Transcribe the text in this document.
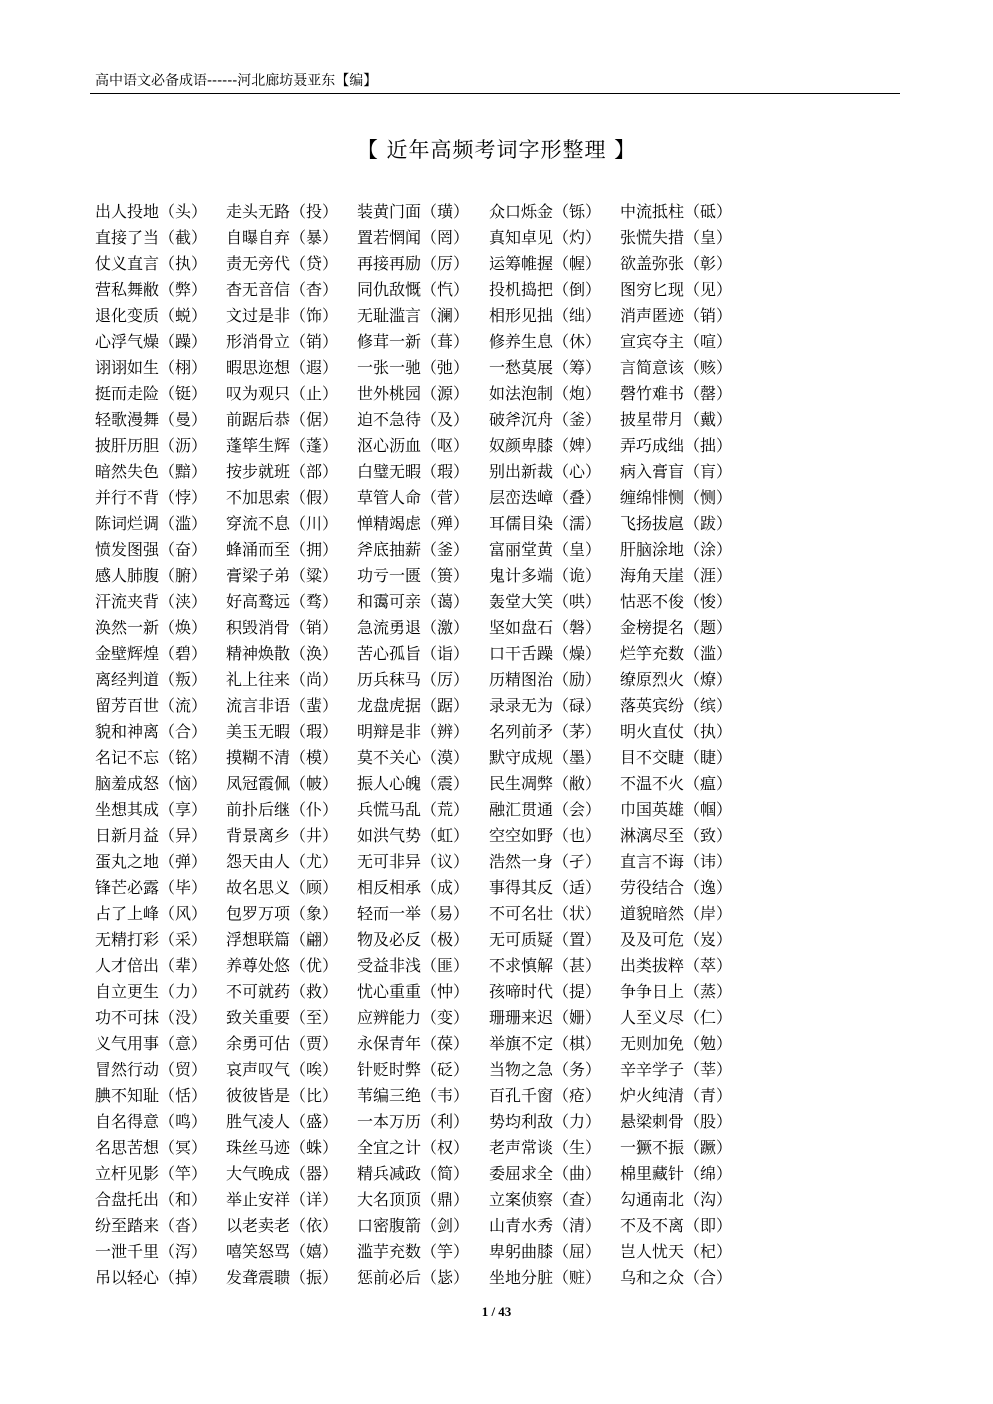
高中语文必备成语------河北廊坊聂亚东【编】
【 近年高频考词字形整理 】
出人投地（头） 走头无路（投） 装黄门面（璜） 众口烁金（铄） 中流抵柱（砥）
直接了当（截） 自曝自弃（暴） 置若惘闻（罔） 真知卓见（灼） 张慌失措（皇）
仗义直言（执） 责无旁代（贷） 再接再励（厉） 运筹帷握（幄） 欲盖弥张（彰）
营私舞敝（弊） 杳无音信（杳） 同仇敌慨（忾） 投机捣把（倒） 图穷匕现（见）
退化变质（蜕） 文过是非（饰） 无耻滥言（澜） 相形见拙（绌） 消声匿迹（销）
心浮气燥（躁） 形消骨立（销） 修茸一新（葺） 修养生息（休） 宣宾夺主（喧）
诩诩如生（栩） 暇思迩想（遐） 一张一驰（弛） 一愁莫展（筹） 言简意该（赅）
挺而走险（铤） 叹为观只（止） 世外桃园（源） 如法泡制（炮） 磬竹难书（罄）
轻歌漫舞（曼） 前踞后恭（倨） 迫不急待（及） 破斧沉舟（釜） 披星带月（戴）
披肝历胆（沥） 蓬筚生辉（蓬） 沤心沥血（呕） 奴颜卑膝（婢） 弄巧成绌（拙）
暗然失色（黯） 按步就班（部） 白璧无暇（瑕） 别出新裁（心） 病入膏盲（肓）
并行不背（悖） 不加思索（假） 草管人命（菅） 层峦迭嶂（叠） 缠绵悱恻（恻）
陈词烂调（滥） 穿流不息（川） 惮精竭虑（殚） 耳儒目染（濡） 飞扬拔扈（跋）
愤发图强（奋） 蜂涌而至（拥） 斧底抽薪（釜） 富丽堂黄（皇） 肝脑涂地（涂）
感人肺腹（腑） 膏梁子弟（粱） 功亏一匮（篑） 鬼计多端（诡） 海角天崖（涯）
汗流夹背（浃） 好高鹜远（骛） 和霭可亲（蔼） 轰堂大笑（哄） 怙恶不俊（悛）
涣然一新（焕） 积毁消骨（销） 急流勇退（激） 坚如盘石（磐） 金榜提名（题）
金壁辉煌（碧） 精神焕散（涣） 苦心孤旨（诣） 口干舌躁（燥） 烂竽充数（滥）
离经判道（叛） 礼上往来（尚） 历兵秣马（厉） 历精图治（励） 缭原烈火（燎）
留芳百世（流） 流言非语（蜚） 龙盘虎据（踞） 录录无为（碌） 落英宾纷（缤）
貌和神离（合） 美玉无暇（瑕） 明辩是非（辨） 名列前矛（茅） 明火直仗（执）
名记不忘（铭） 摸糊不清（模） 莫不关心（漠） 默守成规（墨） 目不交睫（睫）
脑羞成怒（恼） 凤冠霞佩（帔） 振人心魄（震） 民生凋弊（敝） 不温不火（瘟）
坐想其成（享） 前扑后继（仆） 兵慌马乱（荒） 融汇贯通（会） 巾国英雄（帼）
日新月益（异） 背景离乡（井） 如洪气势（虹） 空空如野（也） 淋漓尽至（致）
蛋丸之地（弹） 怨天由人（尤） 无可非异（议） 浩然一身（孑） 直言不诲（讳）
锋芒必露（毕） 故名思义（顾） 相反相承（成） 事得其反（适） 劳役结合（逸）
占了上峰（风） 包罗万项（象） 轻而一举（易） 不可名壮（状） 道貌暗然（岸）
无精打彩（采） 浮想联篇（翩） 物及必反（极） 无可质疑（置） 及及可危（岌）
人才倍出（辈） 养尊处悠（优） 受益非浅（匪） 不求慎解（甚） 出类拔粹（萃）
自立更生（力） 不可就药（救） 忧心重重（忡） 孩啼时代（提） 争争日上（蒸）
功不可抹（没） 致关重要（至） 应辨能力（变） 珊珊来迟（姗） 人至义尽（仁）
义气用事（意） 余勇可估（贾） 永保青年（葆） 举旗不定（棋） 无则加免（勉）
冒然行动（贸） 哀声叹气（唉） 针贬时弊（砭） 当物之急（务） 辛辛学子（莘）
腆不知耻（恬） 彼彼皆是（比） 苇编三绝（韦） 百孔千窗（疮） 炉火纯清（青）
自名得意（鸣） 胜气凌人（盛） 一本万历（利） 势均利敌（力） 悬梁刺骨（股）
名思苦想（冥） 珠丝马迹（蛛） 全宜之计（权） 老声常谈（生） 一獗不振（蹶）
立杆见影（竿） 大气晚成（器） 精兵减政（简） 委屈求全（曲） 棉里藏针（绵）
合盘托出（和） 举止安祥（详） 大名顶顶（鼎） 立案侦察（查） 勾通南北（沟）
纷至踏来（沓） 以老卖老（依） 口密腹箭（剑） 山青水秀（清） 不及不离（即）
一泄千里（泻） 嘻笑怒骂（嬉） 滥芋充数（竽） 卑躬曲膝（屈） 岂人忧天（杞）
吊以轻心（掉） 发聋震聩（振） 惩前必后（毖） 坐地分脏（赃） 乌和之众（合）
1 / 43
